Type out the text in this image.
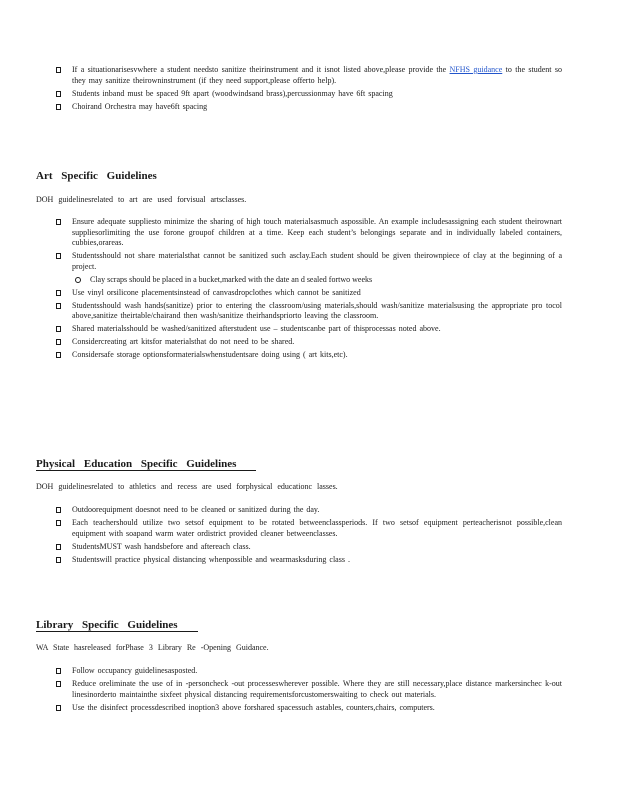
If a situationarisesvwhere a student needsto sanitize theirinstrument and it isnot listed above,please provide the NFHS guidance to the student so they may sanitize theirowninstrument (if they need support,please offerto help).
Students inband must be spaced 9ft apart (woodwindsand brass),percussionmay have 6ft spacing
Choirand Orchestra may have6ft spacing
Art Specific Guidelines
DOH guidelinesrelated to art are used forvisual artsclasses.
Ensure adequate suppliesto minimize the sharing of high touch materialsasmuch aspossible. An example includesassigning each student theirownart suppliesorlimiting the use forone groupof children at a time. Keep each student’s belongings separate and in individually labeled containers, cubbies,orareas.
Studentsshould not share materialsthat cannot be sanitized such asclay.Each student should be given theirownpiece of clay at the beginning of a project.
Clay scraps should be placed in a bucket,marked with the date an d sealed fortwo weeks
Use vinyl orsilicone placementsinstead of canvasdropclothes which cannot be sanitized
Studentsshould wash hands(sanitize) prior to entering the classroom/using materials,should wash/sanitize materialsusing the appropriate pro tocol above,sanitize theirtable/chairand then wash/sanitize theirhandspriorto leaving the classroom.
Shared materialsshould be washed/sanitized afterstudent use – studentscanbe part of thisprocessas noted above.
Considercreating art kitsfor materialsthat do not need to be shared.
Considersafe storage optionsformaterialswhenstudentsare doing using ( art kits,etc).
Physical Education Specific Guidelines
DOH guidelinesrelated to athletics and recess are used forphysical educationc lasses.
Outdoorequipment doesnot need to be cleaned or sanitized during the day.
Each teachershould utilize two setsof equipment to be rotated betweenclassperiods. If two setsof equipment perteacherisnot possible,clean equipment with soapand warm water ordistrict provided cleaner betweenclasses.
StudentsMUST wash handsbefore and aftereach class.
Studentswill practice physical distancing whenpossible and wearmasksduring class .
Library Specific Guidelines
WA State hasreleased forPhase 3 Library Re -Opening Guidance.
Follow occupancy guidelinesasposted.
Reduce oreliminate the use of in -personcheck -out processeswherever possible. Where they are still necessary,place distance markersinchec k-out linesinorderto maintainthe sixfeet physical distancing requirementsforcustomerswaiting to check out materials.
Use the disinfect processdescribed inoption3 above forshared spacessuch astables, counters,chairs, computers.
